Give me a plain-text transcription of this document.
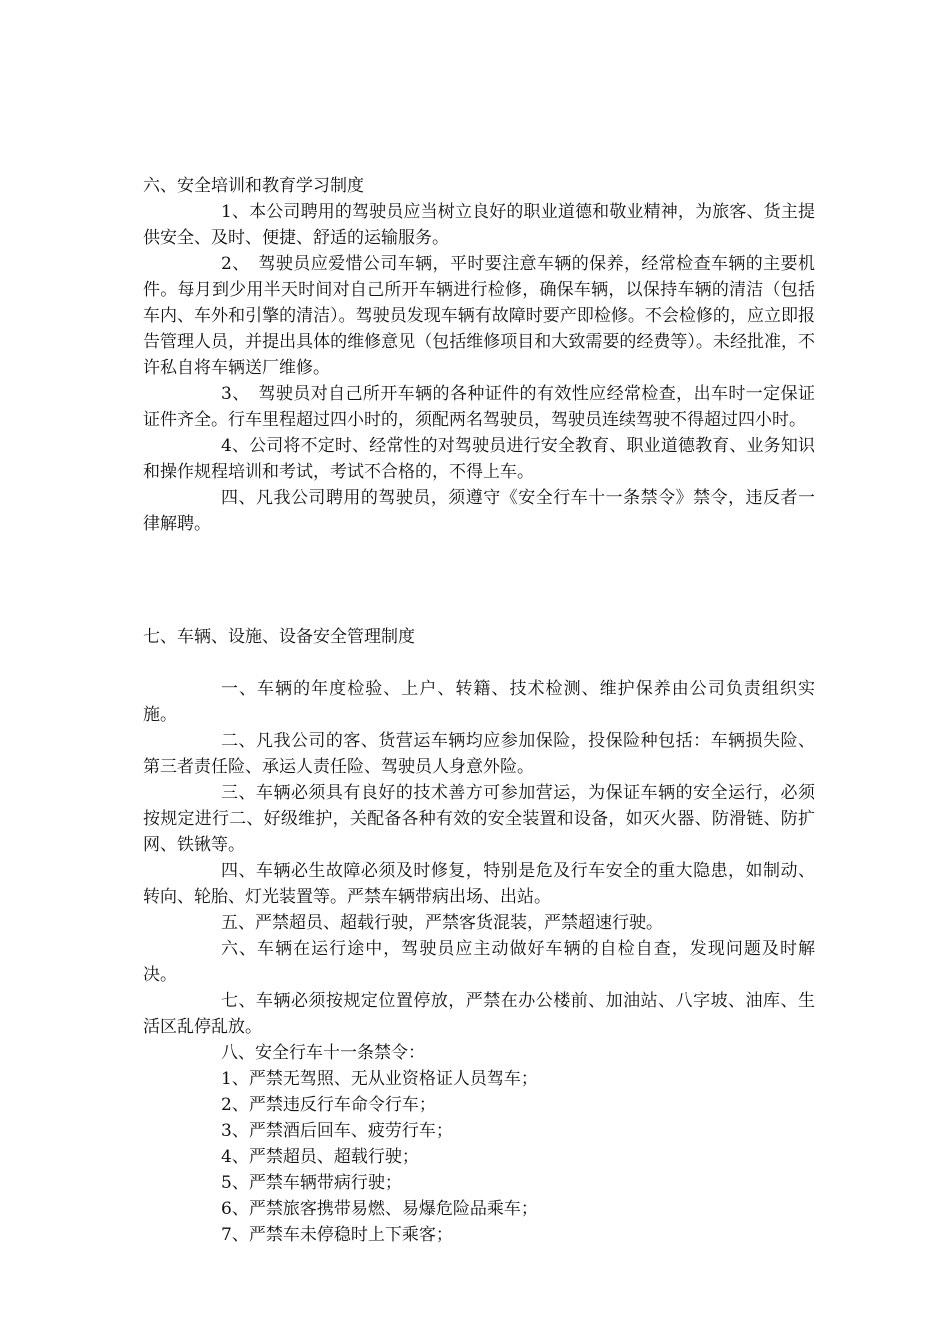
六、安全培训和教育学习制度

1、本公司聘用的驾驶员应当树立良好的职业道德和敬业精神，为旅客、货主提供安全、及时、便捷、舒适的运输服务。

2、　驾驶员应爱惜公司车辆，平时要注意车辆的保养，经常检查车辆的主要机件。每月到少用半天时间对自己所开车辆进行检修，确保车辆，以保持车辆的清洁（包括车内、车外和引擎的清洁）。驾驶员发现车辆有故障时要产即检修。不会检修的，应立即报告管理人员，并提出具体的维修意见（包括维修项目和大致需要的经费等）。未经批准，不许私自将车辆送厂维修。

3、　驾驶员对自己所开车辆的各种证件的有效性应经常检查，出车时一定保证证件齐全。行车里程超过四小时的，须配两名驾驶员，驾驶员连续驾驶不得超过四小时。

4、公司将不定时、经常性的对驾驶员进行安全教育、职业道德教育、业务知识和操作规程培训和考试，考试不合格的，不得上车。

四、凡我公司聘用的驾驶员，须遵守《安全行车十一条禁令》禁令，违反者一律解聘。

七、车辆、设施、设备安全管理制度

一、车辆的年度检验、上户、转籍、技术检测、维护保养由公司负责组织实施。

二、凡我公司的客、货营运车辆均应参加保险，投保险种包括：车辆损失险、第三者责任险、承运人责任险、驾驶员人身意外险。

三、车辆必须具有良好的技术善方可参加营运，为保证车辆的安全运行，必须按规定进行二、好级维护，关配备各种有效的安全装置和设备，如灭火器、防滑链、防扩网、铁锹等。

四、车辆必生故障必须及时修复，特别是危及行车安全的重大隐患，如制动、转向、轮胎、灯光装置等。严禁车辆带病出场、出站。

五、严禁超员、超载行驶，严禁客货混装，严禁超速行驶。

六、车辆在运行途中，驾驶员应主动做好车辆的自检自查，发现问题及时解决。

七、车辆必须按规定位置停放，严禁在办公楼前、加油站、八字坡、油库、生活区乱停乱放。

八、安全行车十一条禁令：

1、严禁无驾照、无从业资格证人员驾车；
2、严禁违反行车命令行车；
3、严禁酒后回车、疲劳行车；
4、严禁超员、超载行驶；
5、严禁车辆带病行驶；
6、严禁旅客携带易燃、易爆危险品乘车；
7、严禁车未停稳时上下乘客；
